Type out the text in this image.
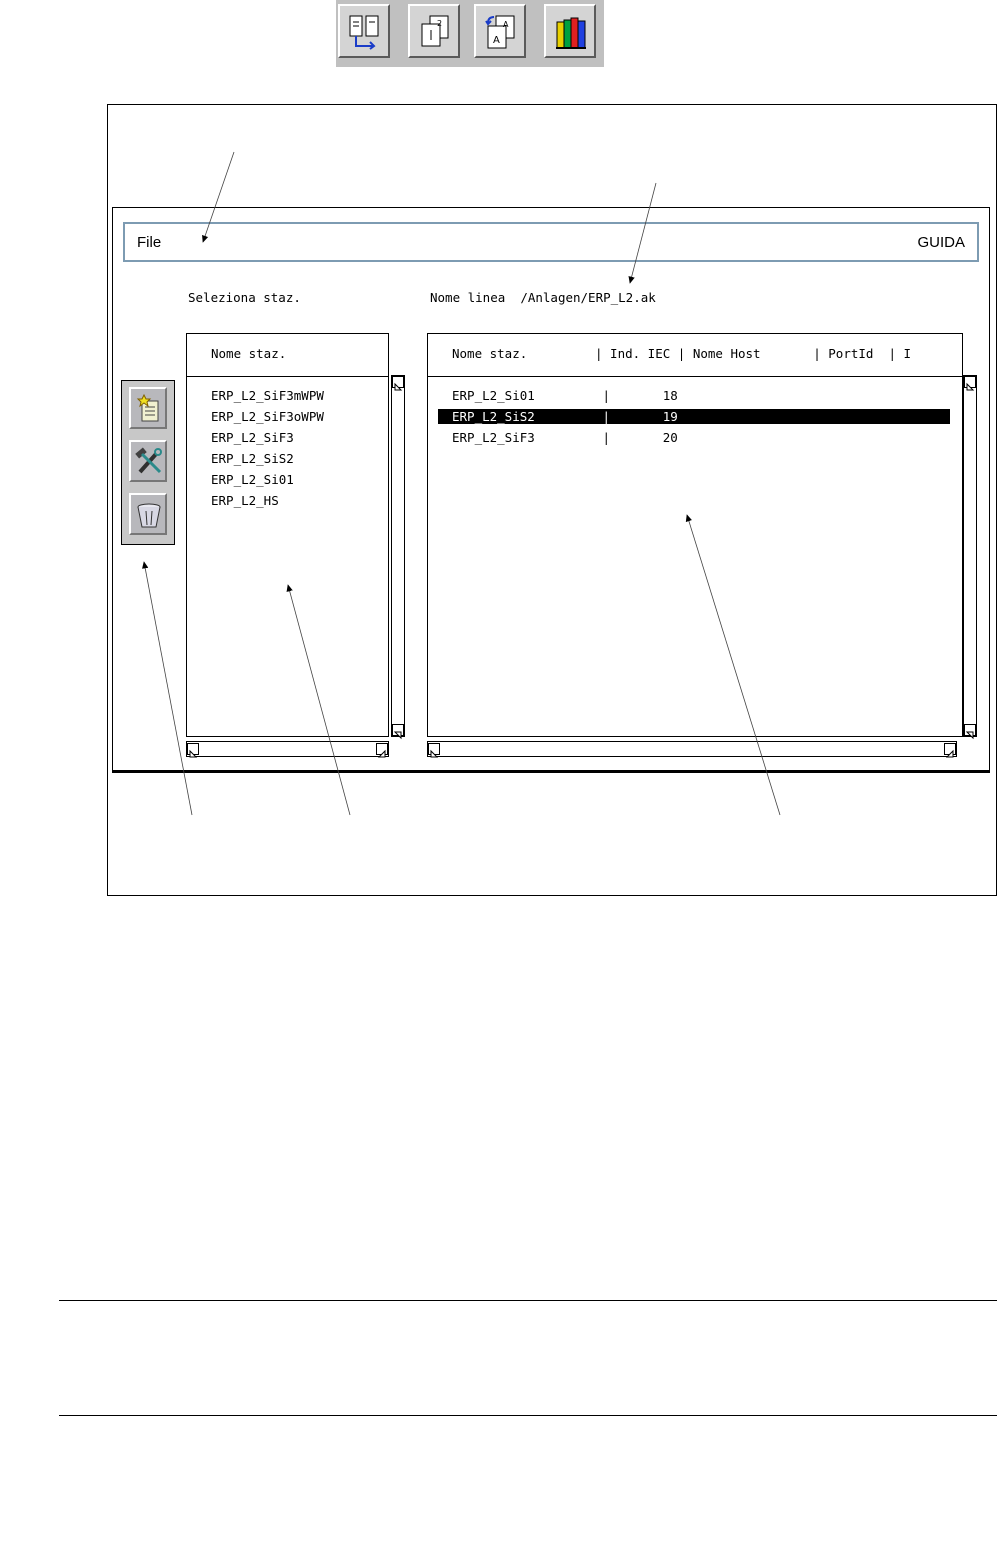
2
A
A
File	GUIDA
Seleziona staz.	Nome linea /Anlagen/ERP_L2.ak
Nome staz.
ERP_L2_SiF3mWPW
ERP_L2_SiF3oWPW
ERP_L2_SiF3
ERP_L2_SiS2
ERP_L2_Si01
ERP_L2_HS
Nome staz.         | Ind. IEC | Nome Host       | PortId  | I
ERP_L2_Si01         |       18
ERP_L2_SiS2         |       19
ERP_L2_SiF3         |       20
